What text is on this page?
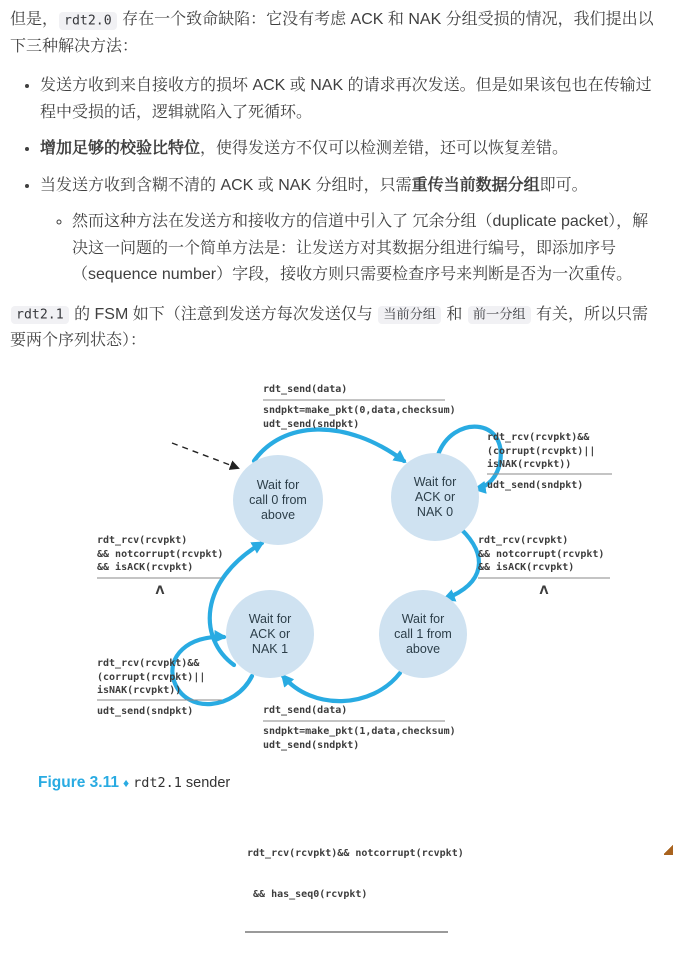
但是， rdt2.0 存在一个致命缺陷：它没有考虑 ACK 和 NAK 分组受损的情况，我们提出以下三种解决方法：

• 发送方收到来自接收方的损坏 ACK 或 NAK 的请求再次发送。但是如果该包也在传输过程中受损的话，逻辑就陷入了死循环。
• 增加足够的校验比特位，使得发送方不仅可以检测差错，还可以恢复差错。
• 当发送方收到含糊不清的 ACK 或 NAK 分组时，只需重传当前数据分组即可。
◦ 然而这种方法在发送方和接收方的信道中引入了 冗余分组（duplicate packet），解决这一问题的一个简单方法是：让发送方对其数据分组进行编号，即添加序号（sequence number）字段，接收方则只需要检查序号来判断是否为一次重传。

rdt2.1 的 FSM 如下（注意到发送方每次发送仅与 当前分组 和 前一分组 有关，所以只需要两个序列状态）：

Wait for
call 0 from
above
Wait for
ACK or
NAK 0
Wait for
call 1 from
above
Wait for
ACK or
NAK 1
rdt_send(data)
sndpkt=make_pkt(0,data,checksum)
udt_send(sndpkt)
rdt_rcv(rcvpkt)&&
(corrupt(rcvpkt)||
isNAK(rcvpkt))
udt_send(sndpkt)
rdt_rcv(rcvpkt)
&& notcorrupt(rcvpkt)
&& isACK(rcvpkt)
Λ
rdt_rcv(rcvpkt)
&& notcorrupt(rcvpkt)
&& isACK(rcvpkt)
Λ
rdt_rcv(rcvpkt)&&
(corrupt(rcvpkt)||
isNAK(rcvpkt))
udt_send(sndpkt)	rdt_send(data)
sndpkt=make_pkt(1,data,checksum)
udt_send(sndpkt)
Figure 3.11 ♦ rdt2.1 sender

rdt_rcv(rcvpkt)&& notcorrupt(rcvpkt)

&& has_seq0(rcvpkt)
